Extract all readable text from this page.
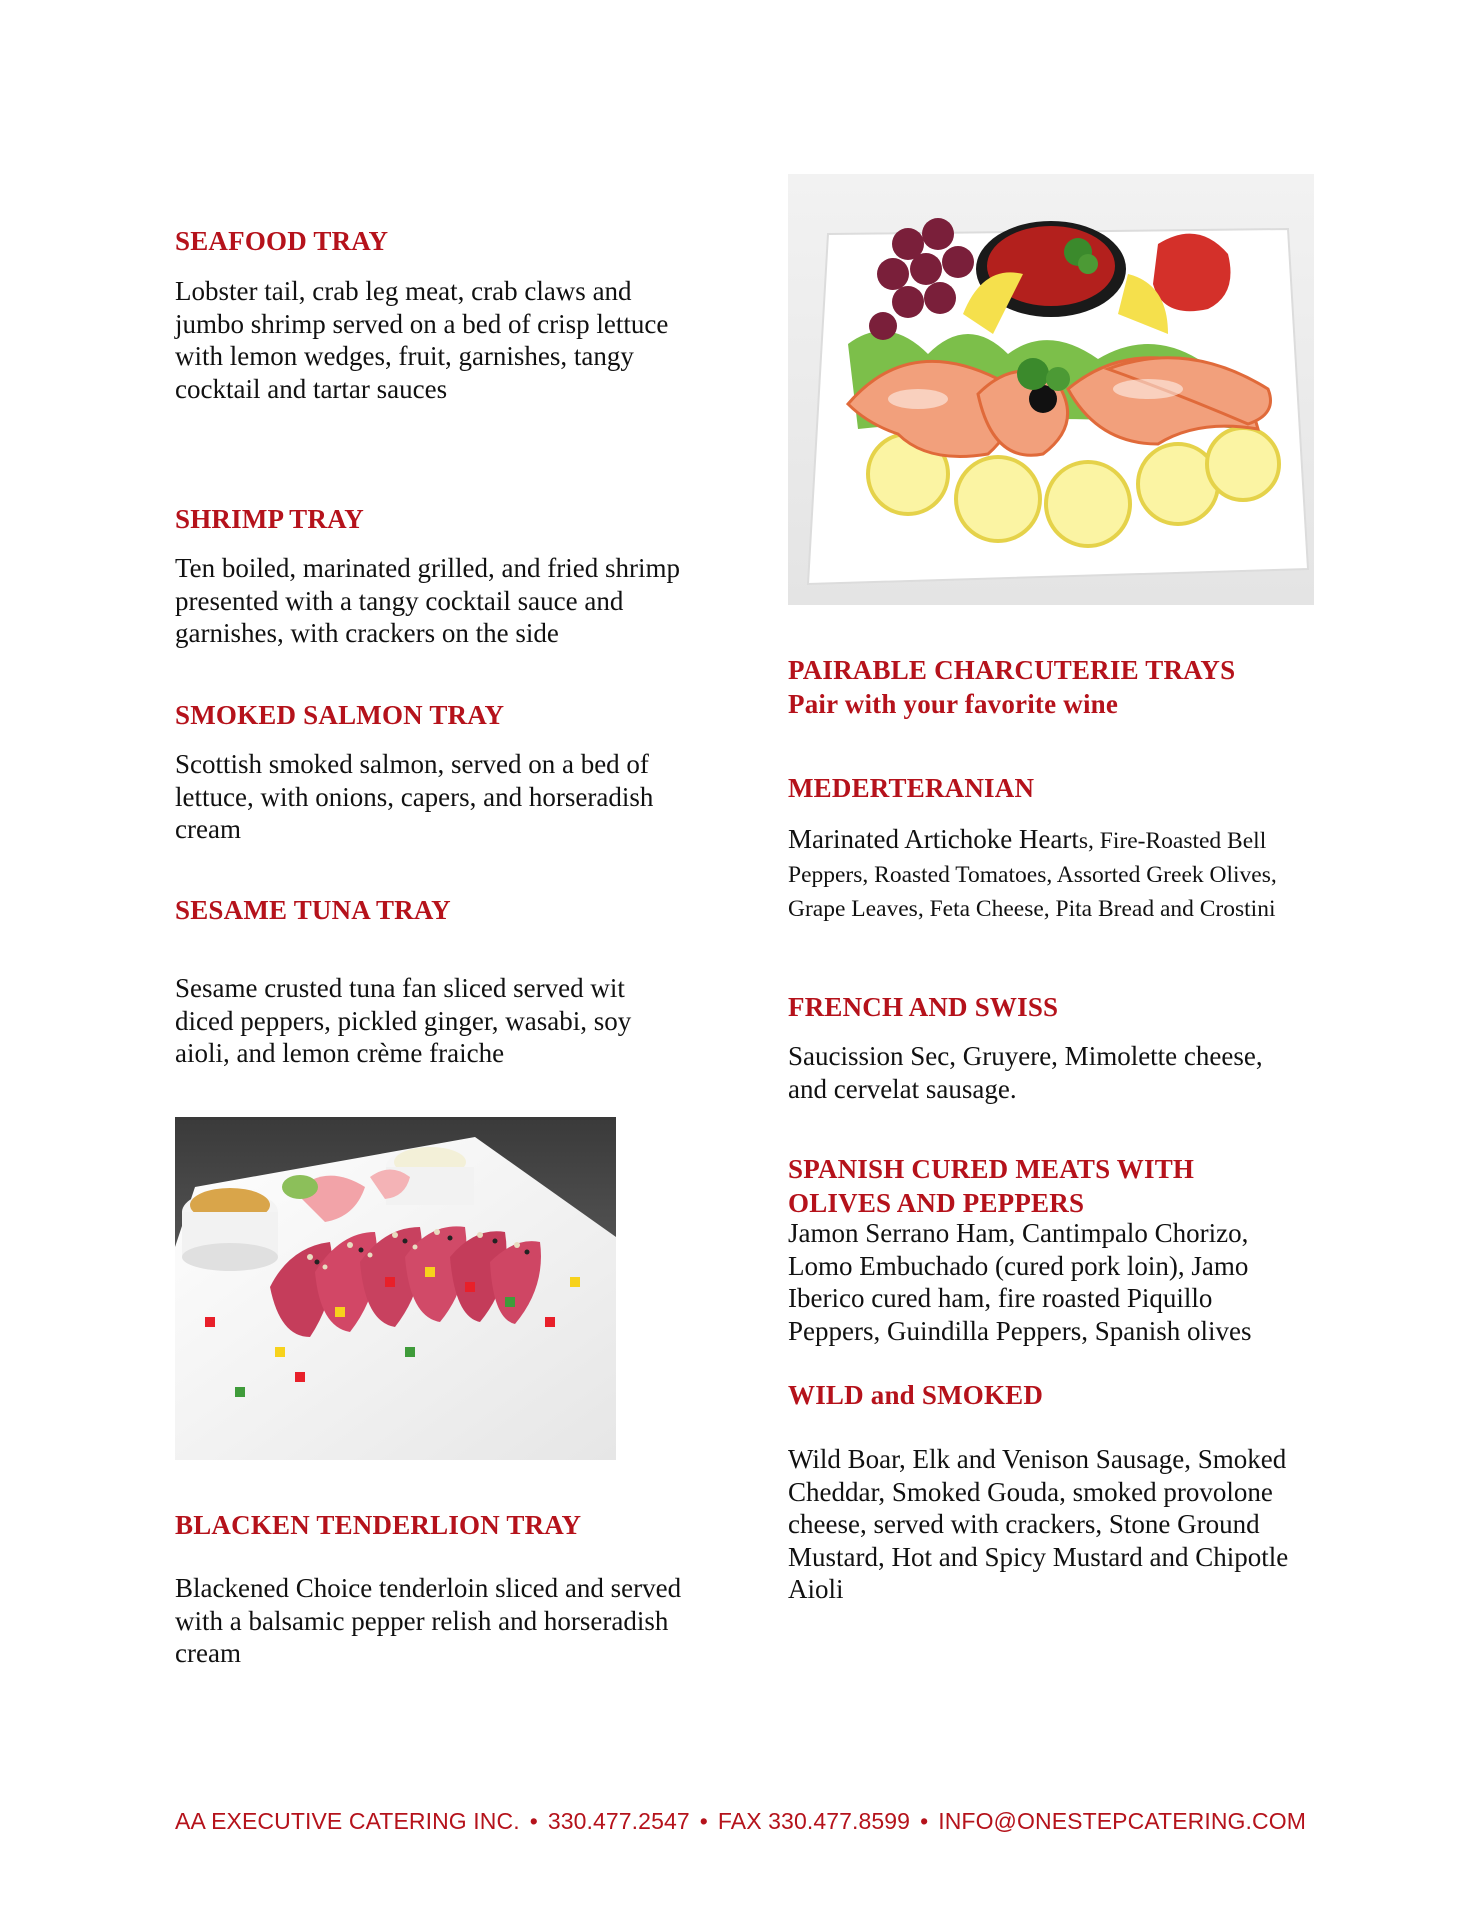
SEAFOOD TRAY
Lobster tail, crab leg meat, crab claws and
jumbo shrimp served on a bed of crisp lettuce
with lemon wedges, fruit, garnishes, tangy
cocktail and tartar sauces
SHRIMP TRAY
Ten boiled, marinated grilled, and fried shrimp
presented with a tangy cocktail sauce and
garnishes, with crackers on the side
SMOKED SALMON TRAY
Scottish smoked salmon, served on a bed of
lettuce, with onions, capers, and horseradish
cream
SESAME TUNA TRAY
Sesame crusted tuna fan sliced served wit
diced peppers, pickled ginger, wasabi, soy
aioli, and lemon crème fraiche
BLACKEN TENDERLION TRAY
Blackened Choice tenderloin sliced and served
with a balsamic pepper relish and horseradish
cream
PAIRABLE CHARCUTERIE TRAYS
Pair with your favorite wine
MEDERTERANIAN
Marinated Artichoke Hearts, Fire-Roasted Bell
Peppers, Roasted Tomatoes, Assorted Greek Olives,
Grape Leaves, Feta Cheese, Pita Bread and Crostini
FRENCH AND SWISS
Saucission Sec, Gruyere, Mimolette cheese,
and cervelat sausage.
SPANISH CURED MEATS WITH
OLIVES AND PEPPERS
Jamon Serrano Ham, Cantimpalo Chorizo,
Lomo Embuchado (cured pork loin), Jamo
Iberico cured ham, fire roasted Piquillo
Peppers, Guindilla Peppers, Spanish olives
WILD and SMOKED
Wild Boar, Elk and Venison Sausage, Smoked
Cheddar, Smoked Gouda, smoked provolone
cheese, served with crackers, Stone Ground
Mustard, Hot and Spicy Mustard and Chipotle
Aioli
AA EXECUTIVE CATERING INC. • 330.477.2547 • FAX 330.477.8599 • INFO@ONESTEPCATERING.COM
